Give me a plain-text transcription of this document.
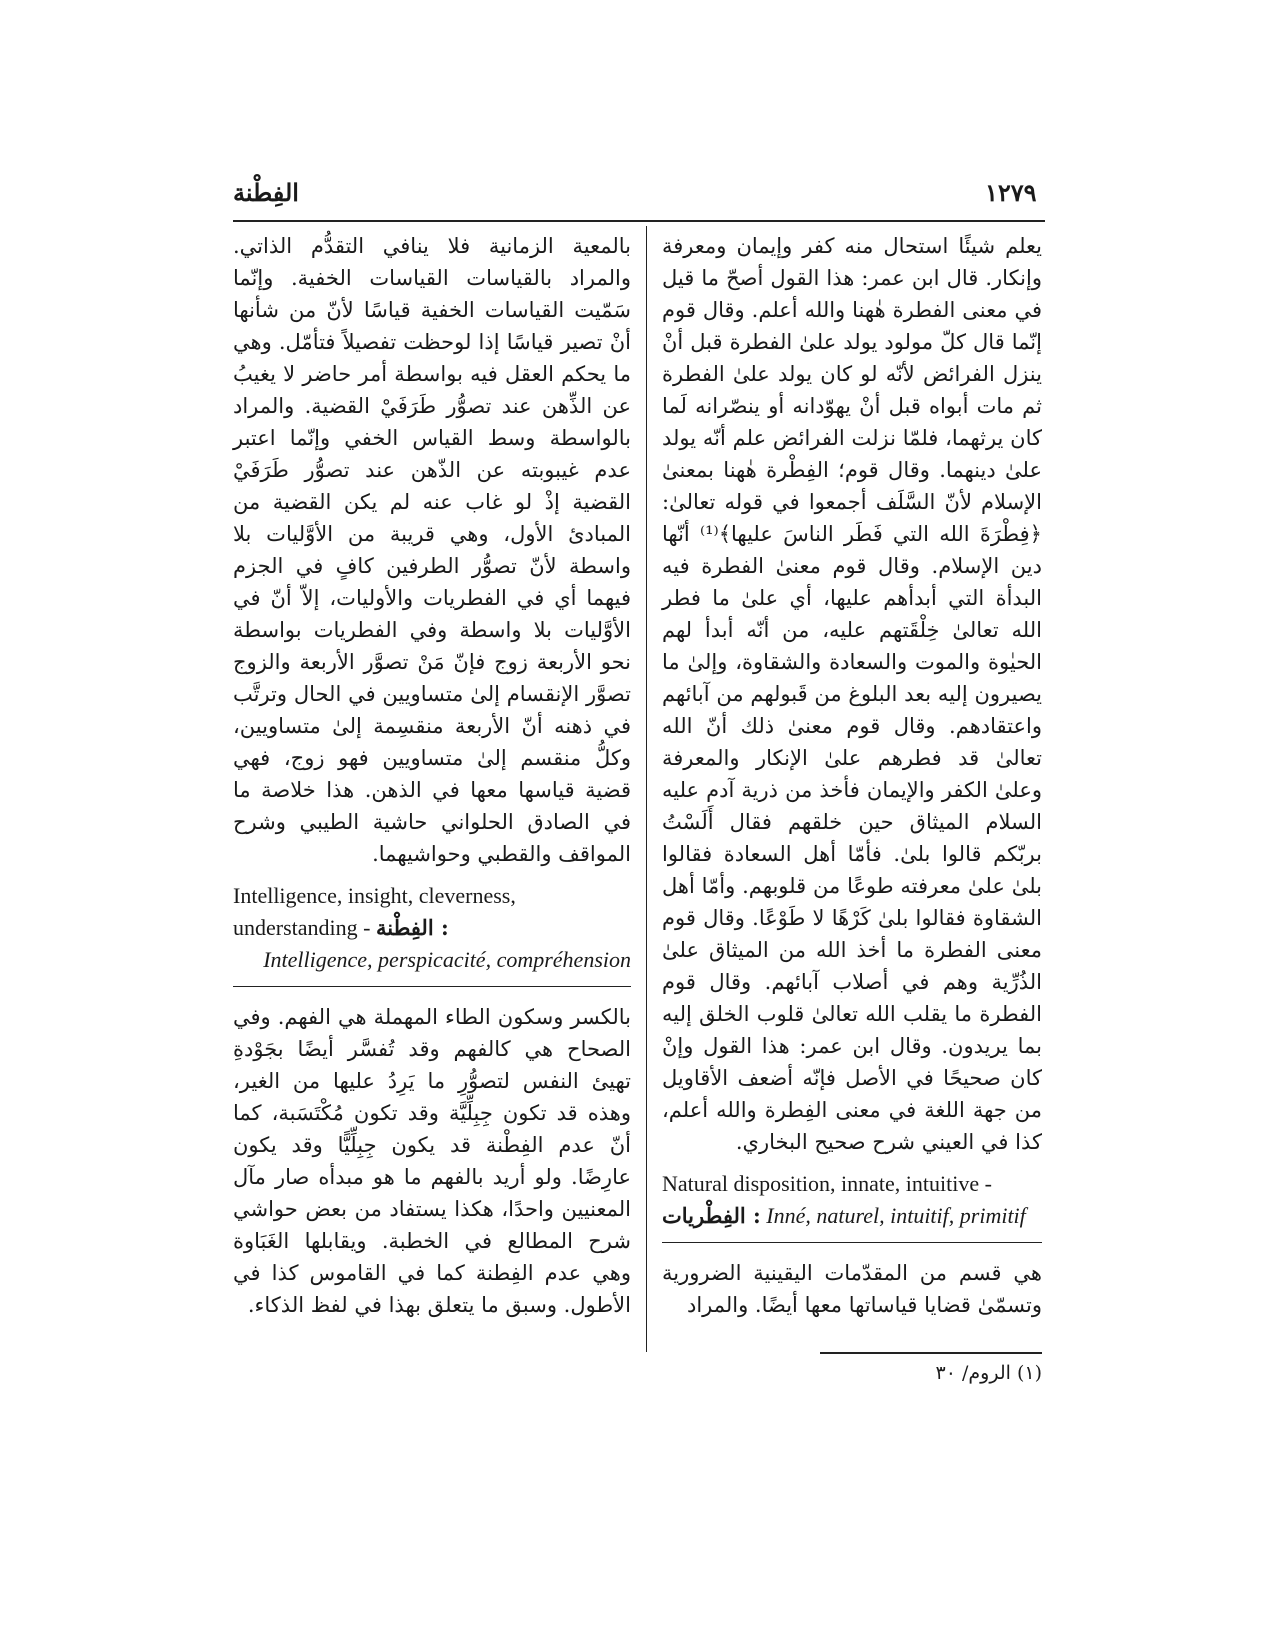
الفِطْنة	١٢٧٩

يعلم شيئًا استحال منه كفر وإيمان ومعرفة وإنكار. قال ابن عمر: هذا القول أصحّ ما قيل في معنى الفطرة هٰهنا والله أعلم. وقال قوم إنّما قال كلّ مولود يولد علىٰ الفطرة قبل أنْ ينزل الفرائض لأنّه لو كان يولد علىٰ الفطرة ثم مات أبواه قبل أنْ يهوّدانه أو ينصّرانه لَما كان يرثهما، فلمّا نزلت الفرائض علم أنّه يولد علىٰ دينهما. وقال قوم؛ الفِطْرة هٰهنا بمعنىٰ الإسلام لأنّ السَّلَف أجمعوا في قوله تعالىٰ: ﴿فِطْرَةَ الله التي فَطَر الناسَ عليها﴾⁽¹⁾ أنّها دين الإسلام. وقال قوم معنىٰ الفطرة فيه البدأة التي أبدأهم عليها، أي علىٰ ما فطر الله تعالىٰ خِلْقَتهم عليه، من أنّه أبدأ لهم الحيٰوة والموت والسعادة والشقاوة، وإلىٰ ما يصيرون إليه بعد البلوغ من قَبولهم من آبائهم واعتقادهم. وقال قوم معنىٰ ذلك أنّ الله تعالىٰ قد فطرهم علىٰ الإنكار والمعرفة وعلىٰ الكفر والإيمان فأخذ من ذرية آدم عليه السلام الميثاق حين خلقهم فقال أَلَسْتُ بربّكم قالوا بلىٰ. فأمّا أهل السعادة فقالوا بلىٰ علىٰ معرفته طوعًا من قلوبهم. وأمّا أهل الشقاوة فقالوا بلىٰ كَرْهًا لا طَوْعًا. وقال قوم معنى الفطرة ما أخذ الله من الميثاق علىٰ الذُرِّية وهم في أصلاب آبائهم. وقال قوم الفطرة ما يقلب الله تعالىٰ قلوب الخلق إليه بما يريدون. وقال ابن عمر: هذا القول وإنْ كان صحيحًا في الأصل فإنّه أضعف الأقاويل من جهة اللغة في معنى الفِطرة والله أعلم، كذا في العيني شرح صحيح البخاري.

Natural disposition, innate, intuitive - الفِطْريات : Inné, naturel, intuitif, primitif

هي قسم من المقدّمات اليقينية الضرورية وتسمّىٰ قضايا قياساتها معها أيضًا. والمراد

بالمعية الزمانية فلا ينافي التقدُّم الذاتي. والمراد بالقياسات القياسات الخفية. وإنّما سَمّيت القياسات الخفية قياسًا لأنّ من شأنها أنْ تصير قياسًا إذا لوحظت تفصيلاً فتأمّل. وهي ما يحكم العقل فيه بواسطة أمر حاضر لا يغيبُ عن الذِّهن عند تصوُّر طَرَفَيْ القضية. والمراد بالواسطة وسط القياس الخفي وإنّما اعتبر عدم غيبوبته عن الذّهن عند تصوُّر طَرَفَيْ القضية إذْ لو غاب عنه لم يكن القضية من المبادئ الأول، وهي قريبة من الأوَّليات بلا واسطة لأنّ تصوُّر الطرفين كافٍ في الجزم فيهما أي في الفطريات والأوليات، إلاّ أنّ في الأوَّليات بلا واسطة وفي الفطريات بواسطة نحو الأربعة زوج فإنّ مَنْ تصوَّر الأربعة والزوج تصوَّر الإنقسام إلىٰ متساويين في الحال وترتَّب في ذهنه أنّ الأربعة منقسِمة إلىٰ متساويين، وكلُّ منقسم إلىٰ متساويين فهو زوج، فهي قضية قياسها معها في الذهن. هذا خلاصة ما في الصادق الحلواني حاشية الطيبي وشرح المواقف والقطبي وحواشيهما.

Intelligence, insight, cleverness, understanding - الفِطْنة :
Intelligence, perspicacité, compréhension

بالكسر وسكون الطاء المهملة هي الفهم. وفي الصحاح هي كالفهم وقد تُفسَّر أيضًا بجَوْدةِ تهيئ النفس لتصوُّرِ ما يَرِدُ عليها من الغير، وهذه قد تكون جِبِلِّيَّة وقد تكون مُكْتَسَبة، كما أنّ عدم الفِطْنة قد يكون جِبِلِّيًّا وقد يكون عارِضًا. ولو أريد بالفهم ما هو مبدأه صار مآل المعنيين واحدًا، هكذا يستفاد من بعض حواشي شرح المطالع في الخطبة. ويقابلها الغَبَاوة وهي عدم الفِطنة كما في القاموس كذا في الأطول. وسبق ما يتعلق بهذا في لفظ الذكاء.

(١) الروم/ ٣٠
